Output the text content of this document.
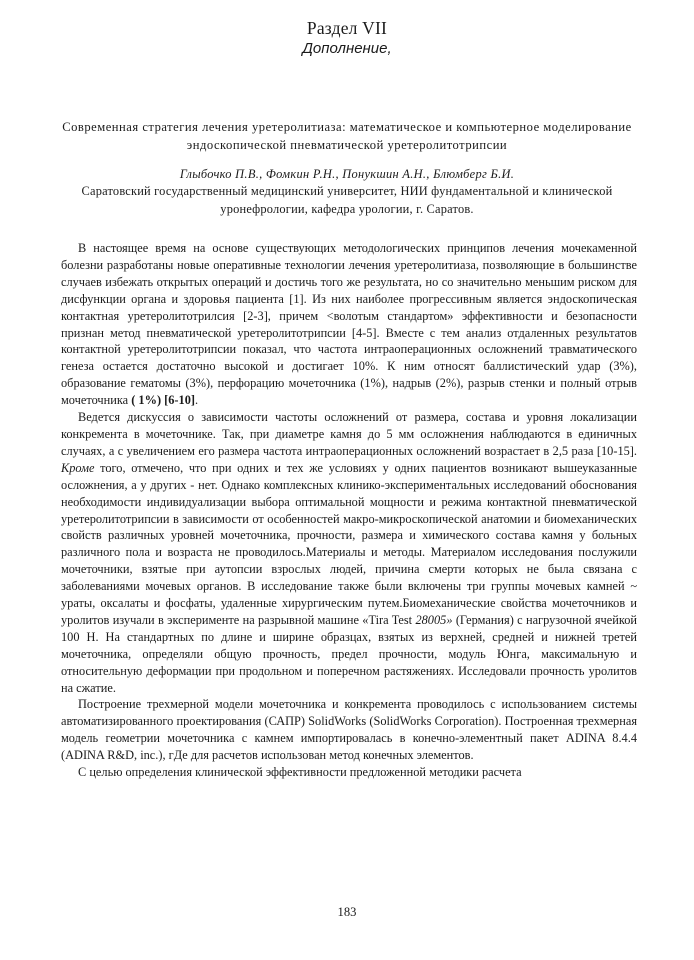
Раздел VII
Дополнение,
Современная стратегия лечения уретеролитиаза: математическое и компьютерное моделирование эндоскопической пневматической уретеролитотрипсии
Глыбочко П.В., Фомкин Р.Н., Понукшин А.Н., Блюмберг Б.И.
Саратовский государственный медицинский университет, НИИ фундаментальной и клинической уронефрологии, кафедра урологии, г. Саратов.

В настоящее время на основе существующих методологических принципов лечения мочекаменной болезни разработаны новые оперативные технологии лечения уретеролитиаза, позволяющие в большинстве случаев избежать открытых операций и достичь того же результата, но со значительно меньшим риском для дисфункции органа и здоровья пациента [1]. Из них наиболее прогрессивным является эндоскопическая контактная уретеролитотрилсия [2-3], причем <волотым стандартом» эффективности и безопасности признан метод пневматической уретеролитотрипсии [4-5]. Вместе с тем анализ отдаленных результатов контактной уретеролитотрипсии показал, что частота интраоперационных осложнений травматического генеза остается достаточно высокой и достигает 10%. К ним относят баллистический удар (3%), образование гематомы (3%), перфорацию мочеточника (1%), надрыв (2%), разрыв стенки и полный отрыв мочеточника ( 1%) [6-10].

Ведется дискуссия о зависимости частоты осложнений от размера, состава и уровня локализации конкремента в мочеточнике. Так, при диаметре камня до 5 мм осложнения наблюдаются в единичных случаях, а с увеличением его размера частота интраоперационных осложнений возрастает в 2,5 раза [10-15]. Кроме того, отмечено, что при одних и тех же условиях у одних пациентов возникают вышеуказанные осложнения, а у других - нет. Однако комплексных клинико-экспериментальных исследований обоснования необходимости индивидуализации выбора оптимальной мощности и режима контактной пневматической уретеролитотрипсии в зависимости от особенностей макро-микроскопической анатомии и биомеханических свойств различных уровней мочеточника, прочности, размера и химического состава камня у больных различного пола и возраста не проводилось.Материалы и методы. Материалом исследования послужили мочеточники, взятые при аутопсии взрослых людей, причина смерти которых не была связана с заболеваниями мочевых органов. В исследование также были включены три группы мочевых камней ~ ураты, оксалаты и фосфаты, удаленные хирургическим путем.Биомеханические свойства мочеточников и уролитов изучали в эксперименте на разрывной машине «Tira Test 28005» (Германия) с нагрузочной ячейкой 100 Н. На стандартных по длине и ширине образцах, взятых из верхней, средней и нижней третей мочеточника, определяли общую прочность, предел прочности, модуль Юнга, максимальную и относительную деформации при продольном и поперечном растяжениях. Исследовали прочность уролитов на сжатие.

Построение трехмерной модели мочеточника и конкремента проводилось с использованием системы автоматизированного проектирования (САПР) SolidWorks (SolidWorks Corporation). Построенная трехмерная модель геометрии мочеточника с камнем импортировалась в конечно-элементный пакет ADINA 8.4.4 (ADINA R&D, inc.), гДе для расчетов использован метод конечных элементов.

С целью определения клинической эффективности предложенной методики расчета

183
